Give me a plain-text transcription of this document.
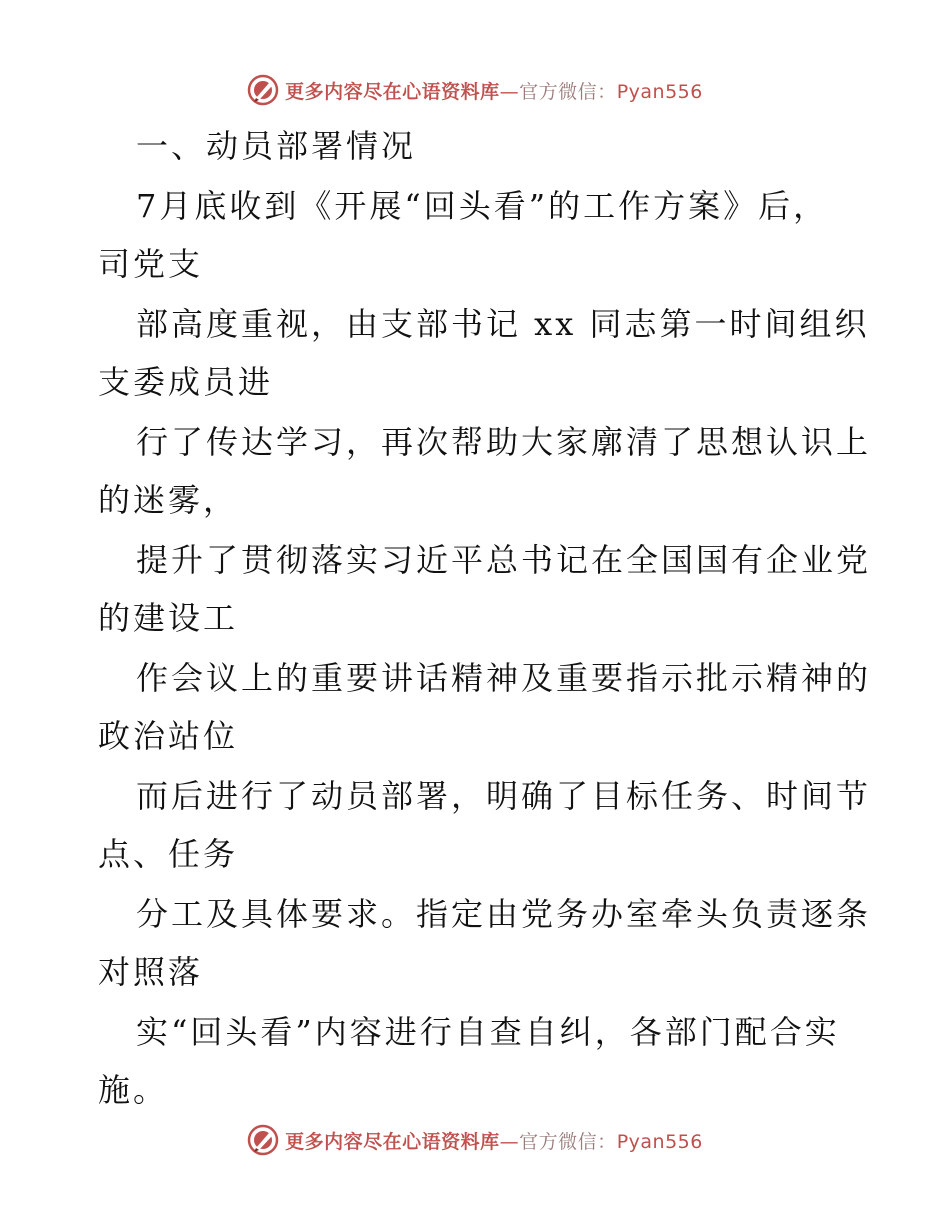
更多内容尽在心语资料库—官方微信：Pyan556
一、动员部署情况
7月底收到《开展“回头看”的工作方案》后，
司党支
部高度重视，由支部书记 xx 同志第一时间组织
支委成员进
行了传达学习，再次帮助大家廓清了思想认识上
的迷雾，
提升了贯彻落实习近平总书记在全国国有企业党
的建设工
作会议上的重要讲话精神及重要指示批示精神的
政治站位
而后进行了动员部署，明确了目标任务、时间节
点、任务
分工及具体要求。指定由党务办室牵头负责逐条
对照落
实“回头看”内容进行自查自纠，各部门配合实
施。
更多内容尽在心语资料库—官方微信：Pyan556
